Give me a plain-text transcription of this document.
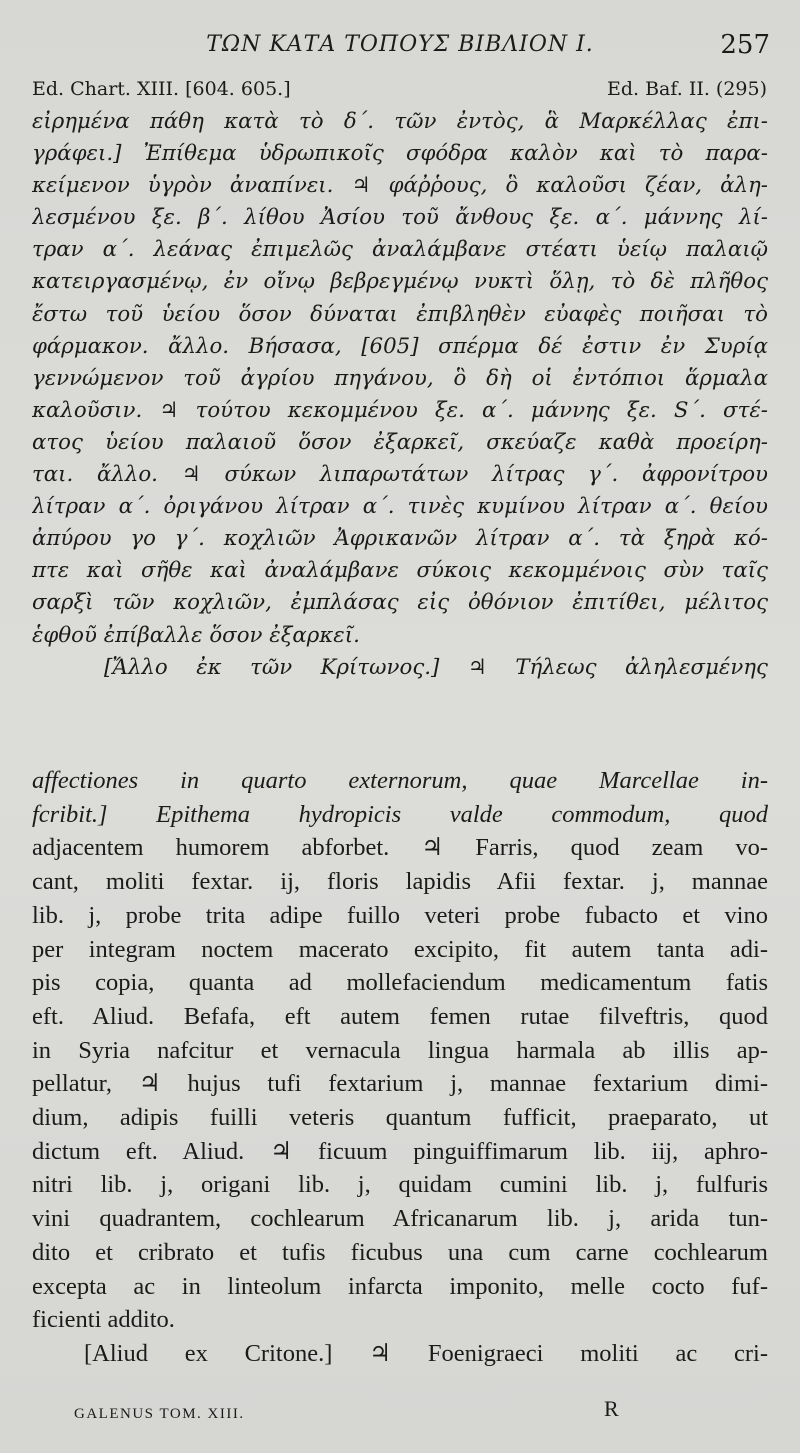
ΤΩΝ ΚΑΤΑ ΤΟΠΟΥΣ ΒΙΒΛΙΟΝ Ι.	257
Ed. Chart. XIII. [604. 605.]	Ed. Baf. II. (295)
εἰρημένα πάθη κατὰ τὸ δ΄. τῶν ἐντὸς, ἃ Μαρκέλλας ἐπι-
γράφει.] Ἐπίθεμα ὑδρωπικοῖς σφόδρα καλὸν καὶ τὸ παρα-
κείμενον ὑγρὸν ἀναπίνει. ♃ φάῤῥους, ὃ καλοῦσι ζέαν, ἀλη-
λεσμένου ξε. β΄. λίθου Ἀσίου τοῦ ἄνθους ξε. α΄. μάννης λί-
τραν α΄. λεάνας ἐπιμελῶς ἀναλάμβανε στέατι ὑείῳ παλαιῷ
κατειργασμένῳ, ἐν οἴνῳ βεβρεγμένῳ νυκτὶ ὅλῃ, τὸ δὲ πλῆθος
ἔστω τοῦ ὑείου ὅσον δύναται ἐπιβληθὲν εὐαφὲς ποιῆσαι τὸ
φάρμακον. ἄλλο. Βήσασα, [605] σπέρμα δέ ἐστιν ἐν Συρίᾳ
γεννώμενον τοῦ ἀγρίου πηγάνου, ὃ δὴ οἱ ἐντόπιοι ἅρμαλα
καλοῦσιν. ♃ τούτου κεκομμένου ξε. α΄. μάννης ξε. S΄. στέ-
ατος ὑείου παλαιοῦ ὅσον ἐξαρκεῖ, σκεύαζε καθὰ προείρη-
ται. ἄλλο. ♃ σύκων λιπαρωτάτων λίτρας γ΄. ἀφρονίτρου
λίτραν α΄. ὀριγάνου λίτραν α΄. τινὲς κυμίνου λίτραν α΄. θείου
ἀπύρου γο γ΄. κοχλιῶν Ἀφρικανῶν λίτραν α΄. τὰ ξηρὰ κό-
πτε καὶ σῆθε καὶ ἀναλάμβανε σύκοις κεκομμένοις σὺν ταῖς
σαρξὶ τῶν κοχλιῶν, ἐμπλάσας εἰς ὀθόνιον ἐπιτίθει, μέλιτος
ἑφθοῦ ἐπίβαλλε ὅσον ἐξαρκεῖ.
[Ἄλλο ἐκ τῶν Κρίτωνος.] ♃ Τήλεως ἀληλεσμένης
affectiones in quarto externorum, quae Marcellae in-
fcribit.] Epithema hydropicis valde commodum, quod
adjacentem humorem abforbet. ♃ Farris, quod zeam vo-
cant, moliti fextar. ij, floris lapidis Afii fextar. j, mannae
lib. j, probe trita adipe fuillo veteri probe fubacto et vino
per integram noctem macerato excipito, fit autem tanta adi-
pis copia, quanta ad mollefaciendum medicamentum fatis
eft. Aliud. Befafa, eft autem femen rutae filveftris, quod
in Syria nafcitur et vernacula lingua harmala ab illis ap-
pellatur, ♃ hujus tufi fextarium j, mannae fextarium dimi-
dium, adipis fuilli veteris quantum fufficit, praeparato, ut
dictum eft. Aliud. ♃ ficuum pinguiffimarum lib. iij, aphro-
nitri lib. j, origani lib. j, quidam cumini lib. j, fulfuris
vini quadrantem, cochlearum Africanarum lib. j, arida tun-
dito et cribrato et tufis ficubus una cum carne cochlearum
excepta ac in linteolum infarcta imponito, melle cocto fuf-
ficienti addito.
[Aliud ex Critone.] ♃ Foenigraeci moliti ac cri-
GALENUS TOM. XIII.	R
